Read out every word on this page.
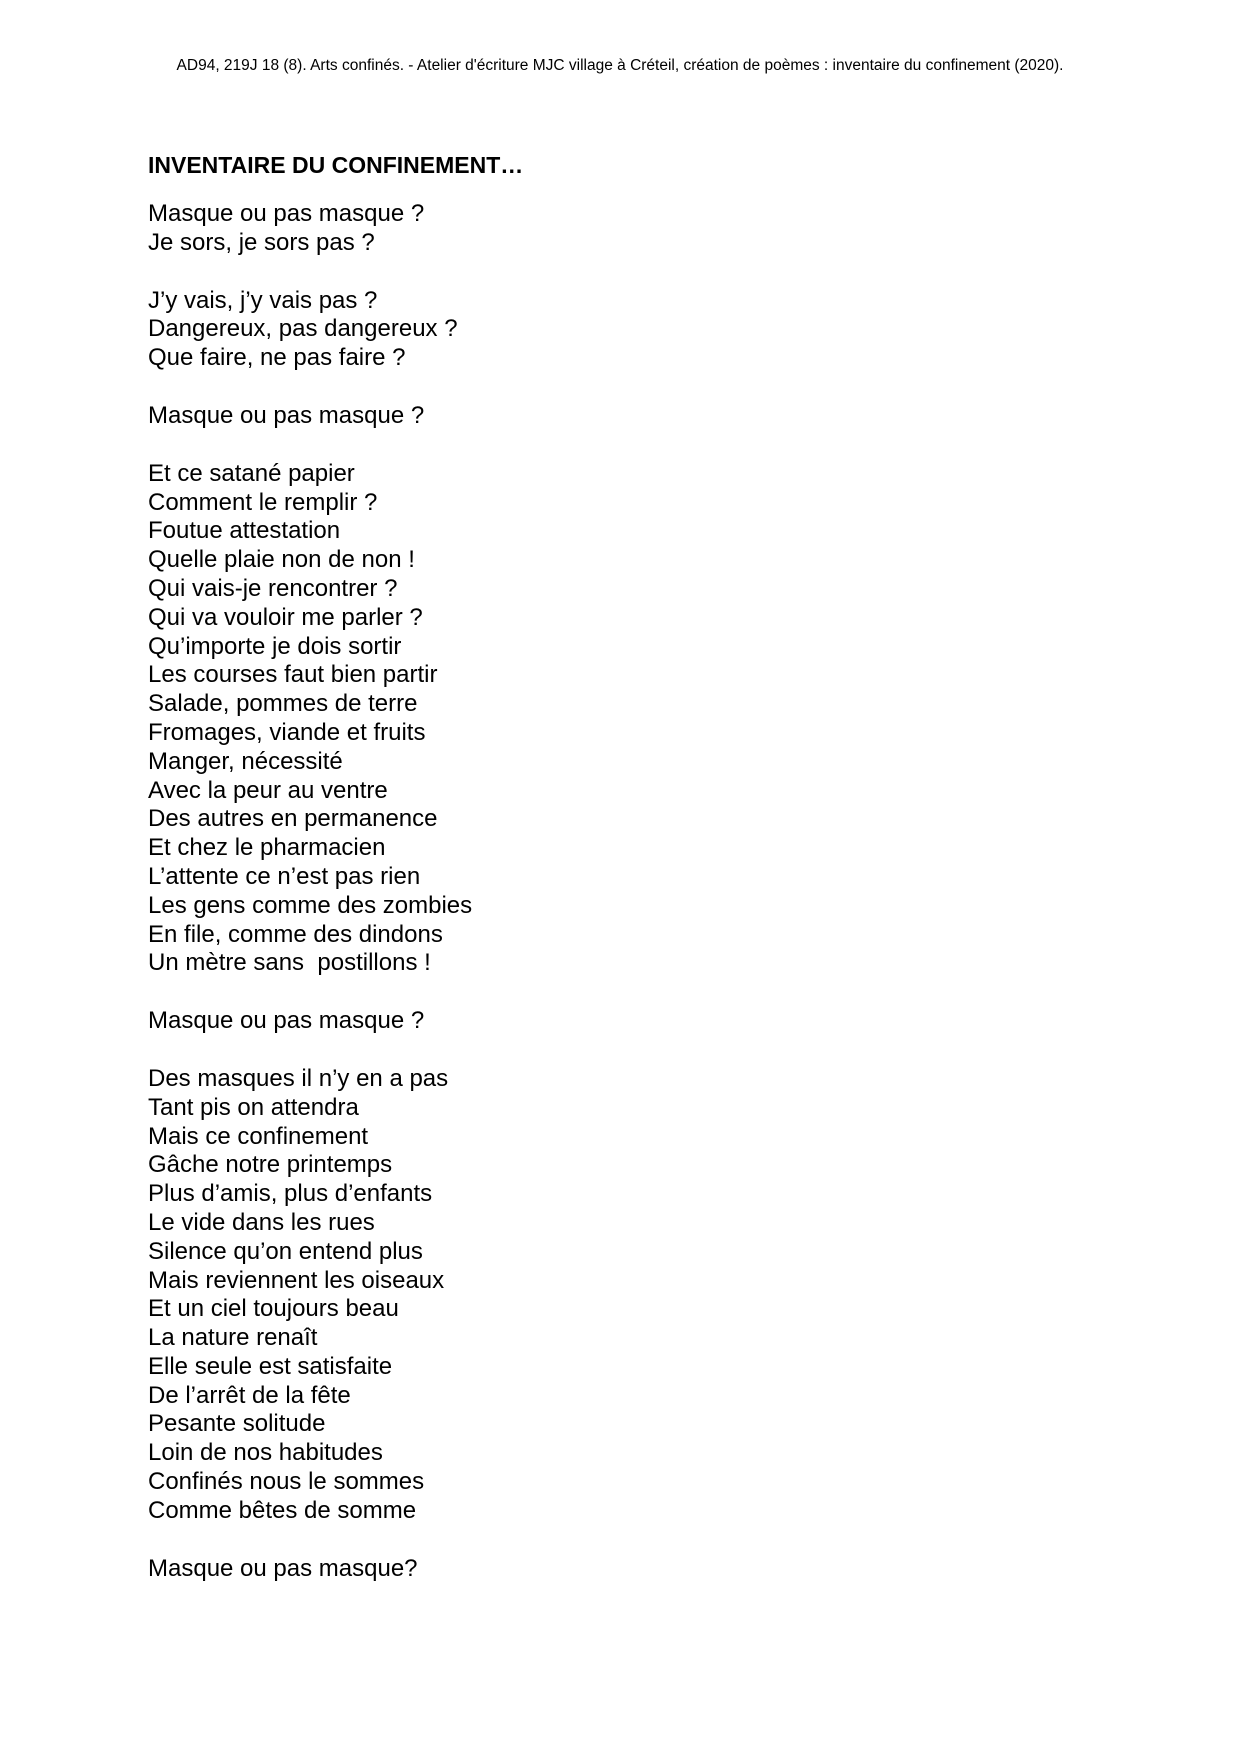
AD94, 219J 18 (8). Arts confinés. - Atelier d'écriture MJC village à Créteil, création de poèmes : inventaire du confinement (2020).
INVENTAIRE DU CONFINEMENT…
Masque ou pas masque ?
Je sors, je sors pas ?
J’y vais, j’y vais pas ?
Dangereux, pas dangereux ?
Que faire, ne pas faire ?
Masque ou pas masque ?
Et ce satané papier
Comment le remplir ?
Foutue attestation
Quelle plaie non de non !
Qui vais-je rencontrer ?
Qui va vouloir me parler ?
Qu’importe je dois sortir
Les courses faut bien partir
Salade, pommes de terre
Fromages, viande et fruits
Manger, nécessité
Avec la peur au ventre
Des autres en permanence
Et chez le pharmacien
L’attente ce n’est pas rien
Les gens comme des zombies
En file, comme des dindons
Un mètre sans  postillons !
Masque ou pas masque ?
Des masques il n’y en a pas
Tant pis on attendra
Mais ce confinement
Gâche notre printemps
Plus d’amis, plus d’enfants
Le vide dans les rues
Silence qu’on entend plus
Mais reviennent les oiseaux
Et un ciel toujours beau
La nature renaît
Elle seule est satisfaite
De l’arrêt de la fête
Pesante solitude
Loin de nos habitudes
Confinés nous le sommes
Comme bêtes de somme
Masque ou pas masque?
